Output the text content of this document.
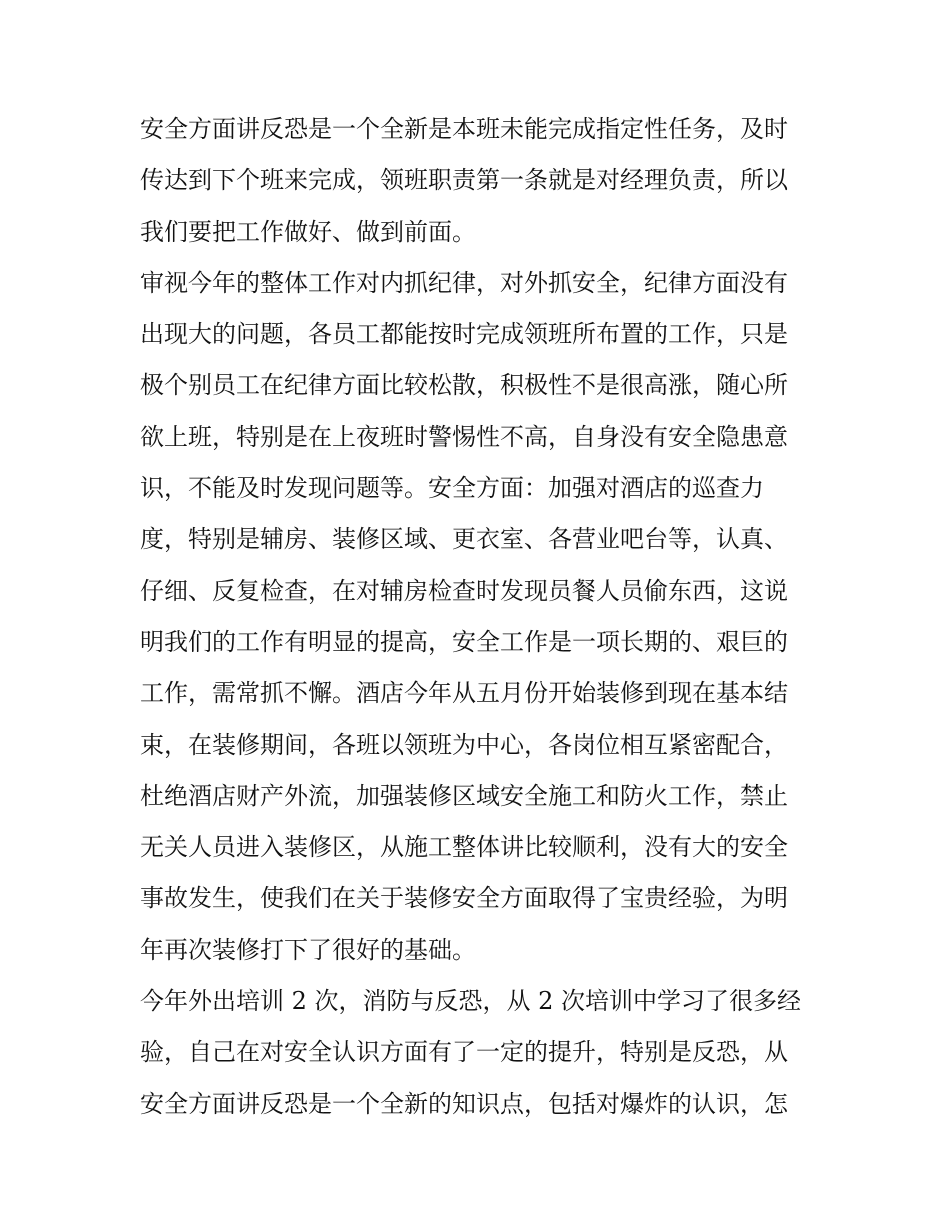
安全方面讲反恐是一个全新是本班未能完成指定性任务，及时
传达到下个班来完成，领班职责第一条就是对经理负责，所以
我们要把工作做好、做到前面。
审视今年的整体工作对内抓纪律，对外抓安全，纪律方面没有
出现大的问题，各员工都能按时完成领班所布置的工作，只是
极个别员工在纪律方面比较松散，积极性不是很高涨，随心所
欲上班，特别是在上夜班时警惕性不高，自身没有安全隐患意
识，不能及时发现问题等。安全方面：加强对酒店的巡查力
度，特别是辅房、装修区域、更衣室、各营业吧台等，认真、
仔细、反复检查，在对辅房检查时发现员餐人员偷东西，这说
明我们的工作有明显的提高，安全工作是一项长期的、艰巨的
工作，需常抓不懈。酒店今年从五月份开始装修到现在基本结
束，在装修期间，各班以领班为中心，各岗位相互紧密配合，
杜绝酒店财产外流，加强装修区域安全施工和防火工作，禁止
无关人员进入装修区，从施工整体讲比较顺利，没有大的安全
事故发生，使我们在关于装修安全方面取得了宝贵经验，为明
年再次装修打下了很好的基础。
今年外出培训 2 次，消防与反恐，从 2 次培训中学习了很多经
验，自己在对安全认识方面有了一定的提升，特别是反恐，从
安全方面讲反恐是一个全新的知识点，包括对爆炸的认识，怎
